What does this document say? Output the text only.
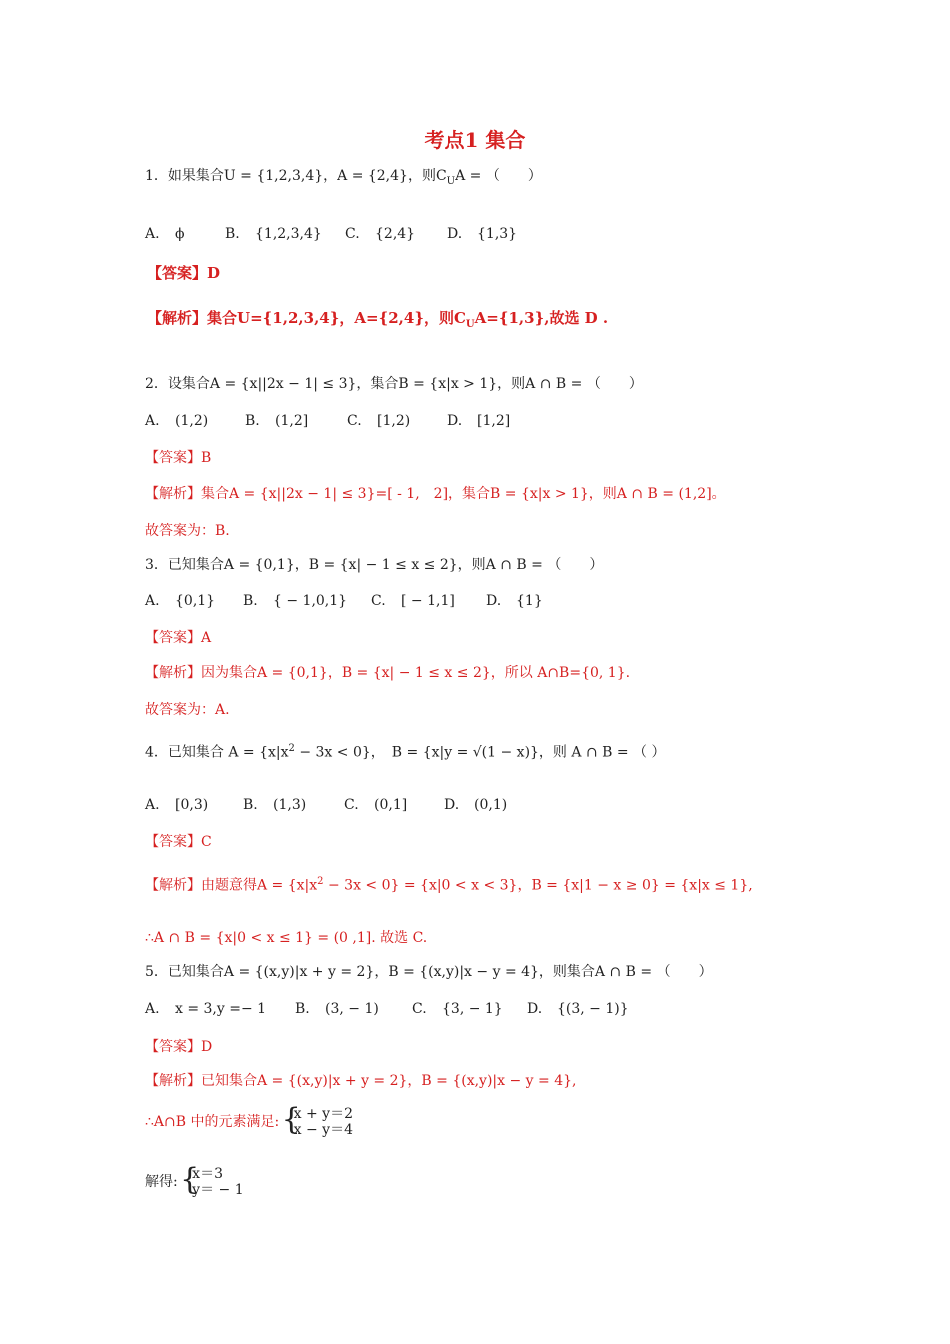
考点1 集合
1．如果集合U = {1,2,3,4}，A = {2,4}，则$C_UA$ = （　　）
A. ϕ	B. {1,2,3,4}	C. {2,4}	D. {1,3}
【答案】D
【解析】集合U={1,2,3,4}，A={2,4}，则$C_UA=\{1,3\}$,故选 D .
2．设集合A = {x||2x − 1| ≤ 3}，集合B = {x|x > 1}，则A ∩ B = （　　）
A. (1,2)	B. (1,2]	C. [1,2)	D. [1,2]
【答案】B
【解析】集合A = {x||2x − 1| ≤ 3}=[ - 1,　2]，集合B = {x|x > 1}，则A ∩ B = (1,2]。
故答案为：B.
3．已知集合A = {0,1}，B = {x| − 1 ≤ x ≤ 2}，则A ∩ B = （　　）
A. {0,1}	B. { − 1,0,1}	C. [ − 1,1]	D. {1}
【答案】A
【解析】因为集合A = {0,1}，B = {x| − 1 ≤ x ≤ 2}，所以 A∩B={0, 1}.
故答案为：A.
4．已知集合 $A = \{x|x^2 - 3x < 0\}$，　B = {x|y = √(1 − x)}，则 A ∩ B = （ ）
A. [0,3)	B. (1,3)	C. (0,1]	D. (0,1)
【答案】C
【解析】由题意得$A = \{x|x^2 - 3x < 0\} = \{x|0 < x < 3\}$，B = {x|1 − x ≥ 0} = {x|x ≤ 1},
∴A ∩ B = {x|0 < x ≤ 1} = (0 ,1]. 故选 C.
5．已知集合A = {(x,y)|x + y = 2}，B = {(x,y)|x − y = 4}，则集合A ∩ B = （　　）
A. x = 3,y =− 1	B. (3, − 1)	C. {3, − 1}	D. {(3, − 1)}
【答案】D
【解析】已知集合A = {(x,y)|x + y = 2}，B = {(x,y)|x − y = 4},
∴A∩B 中的元素满足: {
x + y＝2
x − y＝4
解得: {
x＝3
y＝ − 1
